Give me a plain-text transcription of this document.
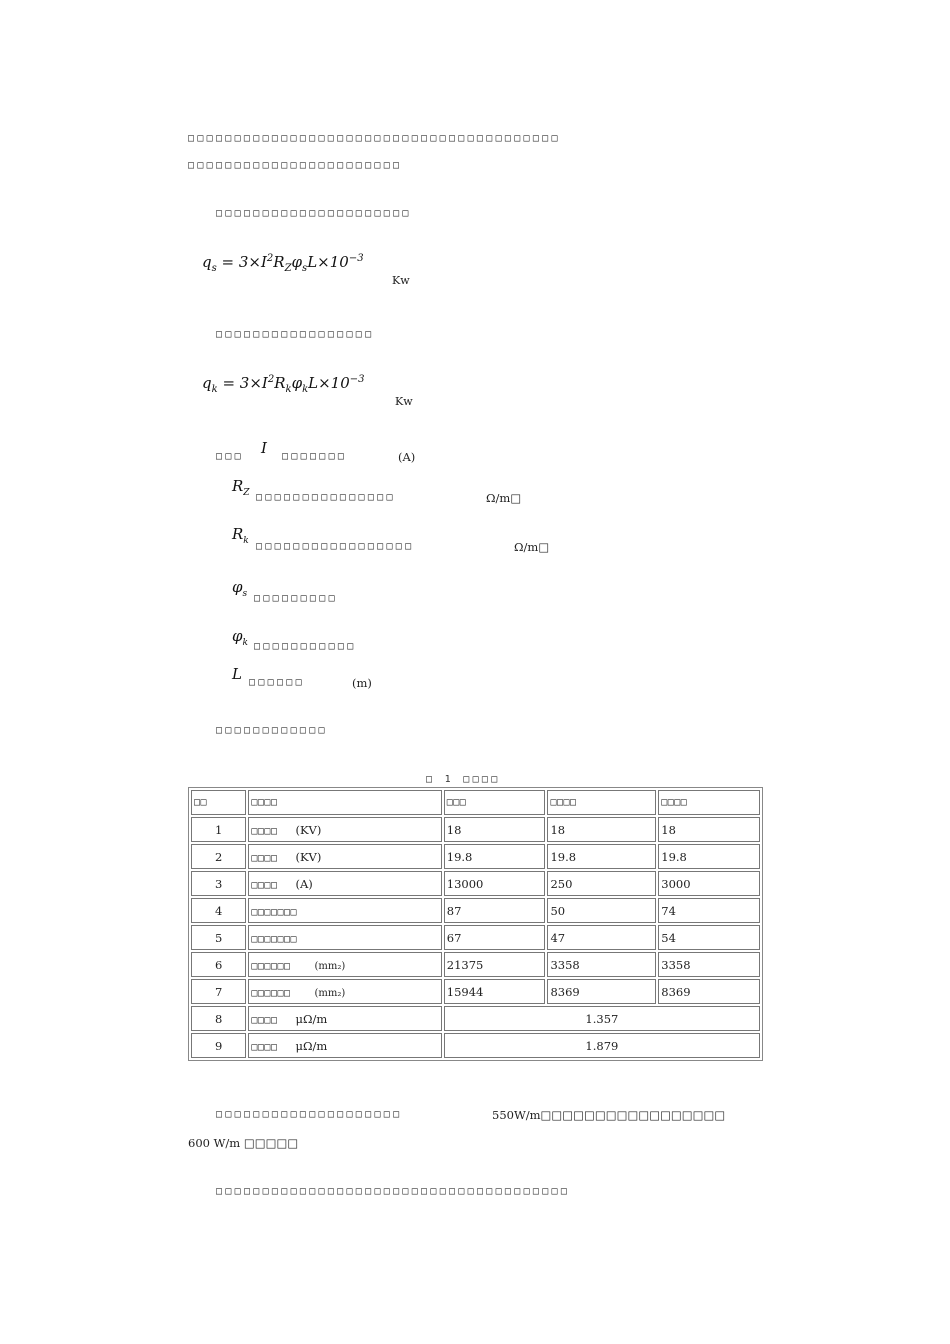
□□□□□□□□□□□□□□□□□□□□□□□□□□□□□□□□□□□□□□□□
□□□□□□□□□□□□□□□□□□□□□□□
□□□□□□□□□□□□□□□□□□□□□
$q_s = 3\times I^2R_Z\varphi_sL\times 10^{-3}$
Kw
□□□□□□□□□□□□□□□□□
$q_k = 3\times I^2R_k\varphi_kL\times 10^{-3}$
Kw
□□□ I □□□□□□□	(A)
$R_Z$ □□□□□□□□□□□□□□□	Ω/m□
$R_k$ □□□□□□□□□□□□□□□□□	Ω/m□
$\varphi_s$ □□□□□□□□□
$\varphi_k$ □□□□□□□□□□□
L □□□□□□	(m)
□□□□□□□□□□□□
□ 1 □□□□
□□	□□□□	□□□	□□□□	□□□□
1	□□□□ (KV)	18	18	18
2	□□□□ (KV)	19.8	19.8	19.8
3	□□□□ (A)	13000	250	3000
4	□□□□□□□	87	50	74
5	□□□□□□□	67	47	54
6	□□□□□□ (mm₂)	21375	3358	3358
7	□□□□□□ (mm₂)	15944	8369	8369
8	□□□□ μΩ/m	1.357		
9	□□□□ μΩ/m	1.879		
□□□□□□□□□□□□□□□□□□□□	550W/m□□□□□□□□□□□□□□□□□
600 W/m □□□□□
□□□□□□□□□□□□□□□□□□□□□□□□□□□□□□□□□□□□□□
